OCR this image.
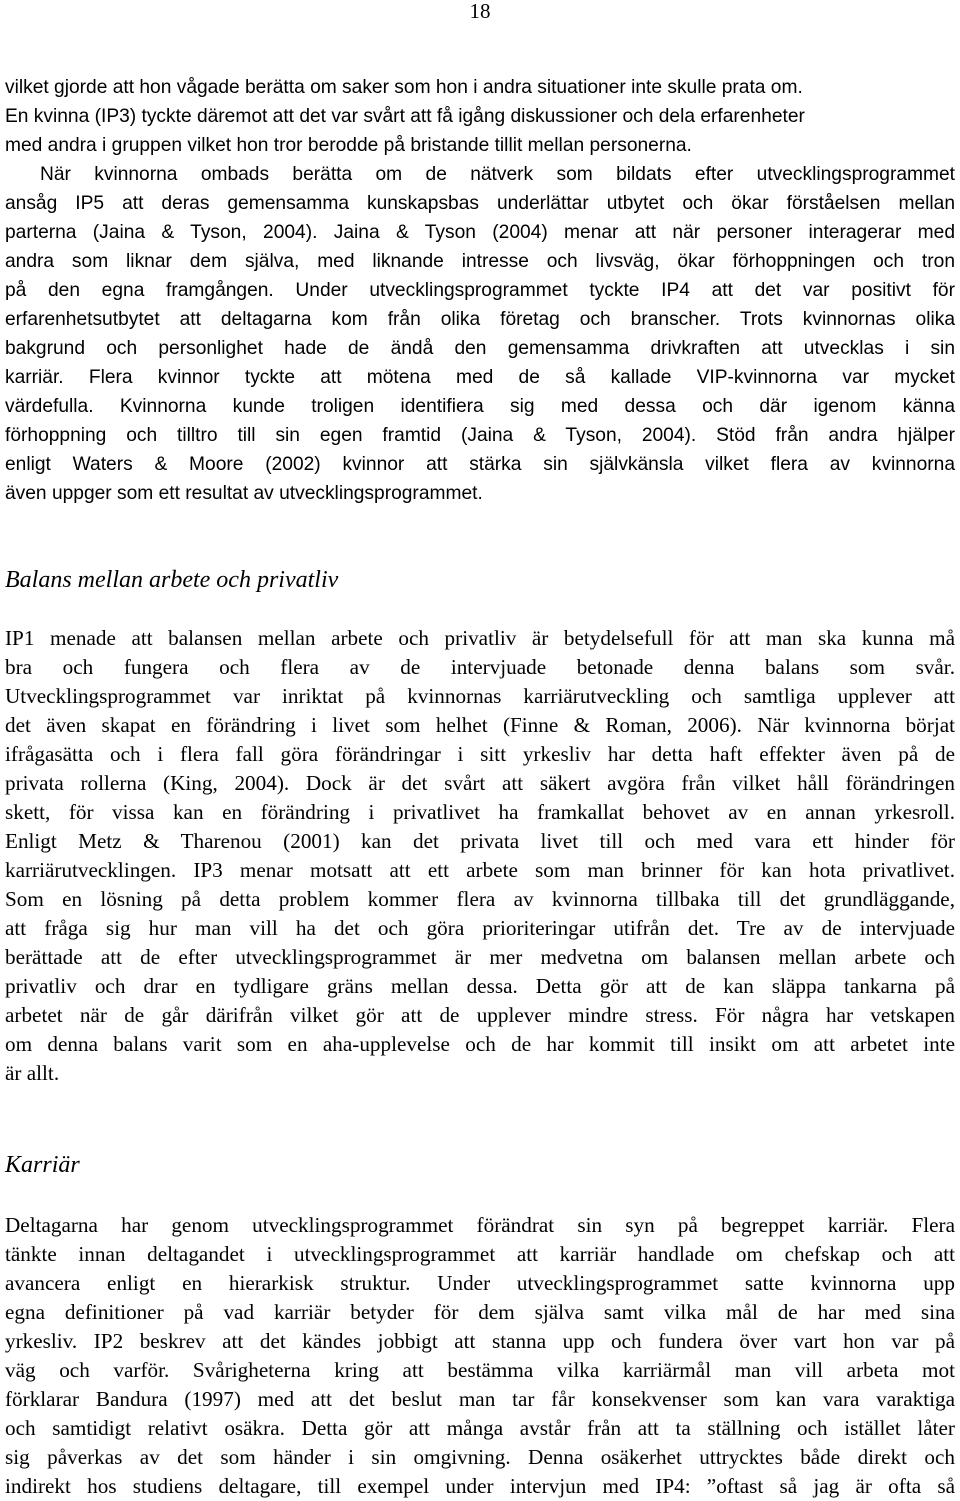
18
vilket gjorde att hon vågade berätta om saker som hon i andra situationer inte skulle prata om.
En kvinna (IP3) tyckte däremot att det var svårt att få igång diskussioner och dela erfarenheter
med andra i gruppen vilket hon tror berodde på bristande tillit mellan personerna.
När kvinnorna ombads berätta om de nätverk som bildats efter utvecklingsprogrammet
ansåg IP5 att deras gemensamma kunskapsbas underlättar utbytet och ökar förståelsen mellan
parterna (Jaina & Tyson, 2004). Jaina & Tyson (2004) menar att när personer interagerar med
andra som liknar dem själva, med liknande intresse och livsväg, ökar förhoppningen och tron
på den egna framgången. Under utvecklingsprogrammet tyckte IP4 att det var positivt för
erfarenhetsutbytet att deltagarna kom från olika företag och branscher. Trots kvinnornas olika
bakgrund och personlighet hade de ändå den gemensamma drivkraften att utvecklas i sin
karriär. Flera kvinnor tyckte att mötena med de så kallade VIP-kvinnorna var mycket
värdefulla. Kvinnorna kunde troligen identifiera sig med dessa och där igenom känna
förhoppning och tilltro till sin egen framtid (Jaina & Tyson, 2004). Stöd från andra hjälper
enligt Waters & Moore (2002) kvinnor att stärka sin självkänsla vilket flera av kvinnorna
även uppger som ett resultat av utvecklingsprogrammet.
Balans mellan arbete och privatliv
IP1 menade att balansen mellan arbete och privatliv är betydelsefull för att man ska kunna må
bra och fungera och flera av de intervjuade betonade denna balans som svår.
Utvecklingsprogrammet var inriktat på kvinnornas karriärutveckling och samtliga upplever att
det även skapat en förändring i livet som helhet (Finne & Roman, 2006). När kvinnorna börjat
ifrågasätta och i flera fall göra förändringar i sitt yrkesliv har detta haft effekter även på de
privata rollerna (King, 2004). Dock är det svårt att säkert avgöra från vilket håll förändringen
skett, för vissa kan en förändring i privatlivet ha framkallat behovet av en annan yrkesroll.
Enligt Metz & Tharenou (2001) kan det privata livet till och med vara ett hinder för
karriärutvecklingen. IP3 menar motsatt att ett arbete som man brinner för kan hota privatlivet.
Som en lösning på detta problem kommer flera av kvinnorna tillbaka till det grundläggande,
att fråga sig hur man vill ha det och göra prioriteringar utifrån det. Tre av de intervjuade
berättade att de efter utvecklingsprogrammet är mer medvetna om balansen mellan arbete och
privatliv och drar en tydligare gräns mellan dessa. Detta gör att de kan släppa tankarna på
arbetet när de går därifrån vilket gör att de upplever mindre stress. För några har vetskapen
om denna balans varit som en aha-upplevelse och de har kommit till insikt om att arbetet inte
är allt.
Karriär
Deltagarna har genom utvecklingsprogrammet förändrat sin syn på begreppet karriär. Flera
tänkte innan deltagandet i utvecklingsprogrammet att karriär handlade om chefskap och att
avancera enligt en hierarkisk struktur. Under utvecklingsprogrammet satte kvinnorna upp
egna definitioner på vad karriär betyder för dem själva samt vilka mål de har med sina
yrkesliv. IP2 beskrev att det kändes jobbigt att stanna upp och fundera över vart hon var på
väg och varför. Svårigheterna kring att bestämma vilka karriärmål man vill arbeta mot
förklarar Bandura (1997) med att det beslut man tar får konsekvenser som kan vara varaktiga
och samtidigt relativt osäkra. Detta gör att många avstår från att ta ställning och istället låter
sig påverkas av det som händer i sin omgivning. Denna osäkerhet uttrycktes både direkt och
indirekt hos studiens deltagare, till exempel under intervjun med IP4: ”oftast så jag är ofta så
